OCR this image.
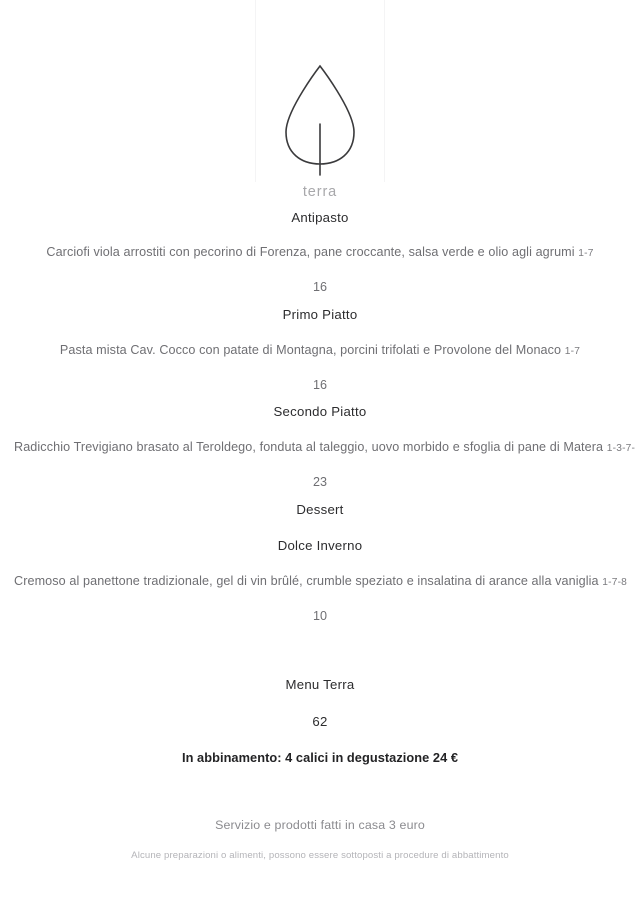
terra

Antipasto

Carciofi viola arrostiti con pecorino di Forenza, pane croccante, salsa verde e olio agli agrumi 1-7

16

Primo Piatto

Pasta mista Cav. Cocco con patate di Montagna, porcini trifolati e Provolone del Monaco 1-7

16

Secondo Piatto

Radicchio Trevigiano brasato al Teroldego, fonduta al taleggio, uovo morbido e sfoglia di pane di Matera 1-3-7-

23

Dessert

Dolce Inverno

Cremoso al panettone tradizionale, gel di vin brûlé, crumble speziato e insalatina di arance alla vaniglia 1-7-8

10

Menu Terra

62

In abbinamento: 4 calici in degustazione 24 €

Servizio e prodotti fatti in casa 3 euro

Alcune preparazioni o alimenti, possono essere sottoposti a procedure di abbattimento
